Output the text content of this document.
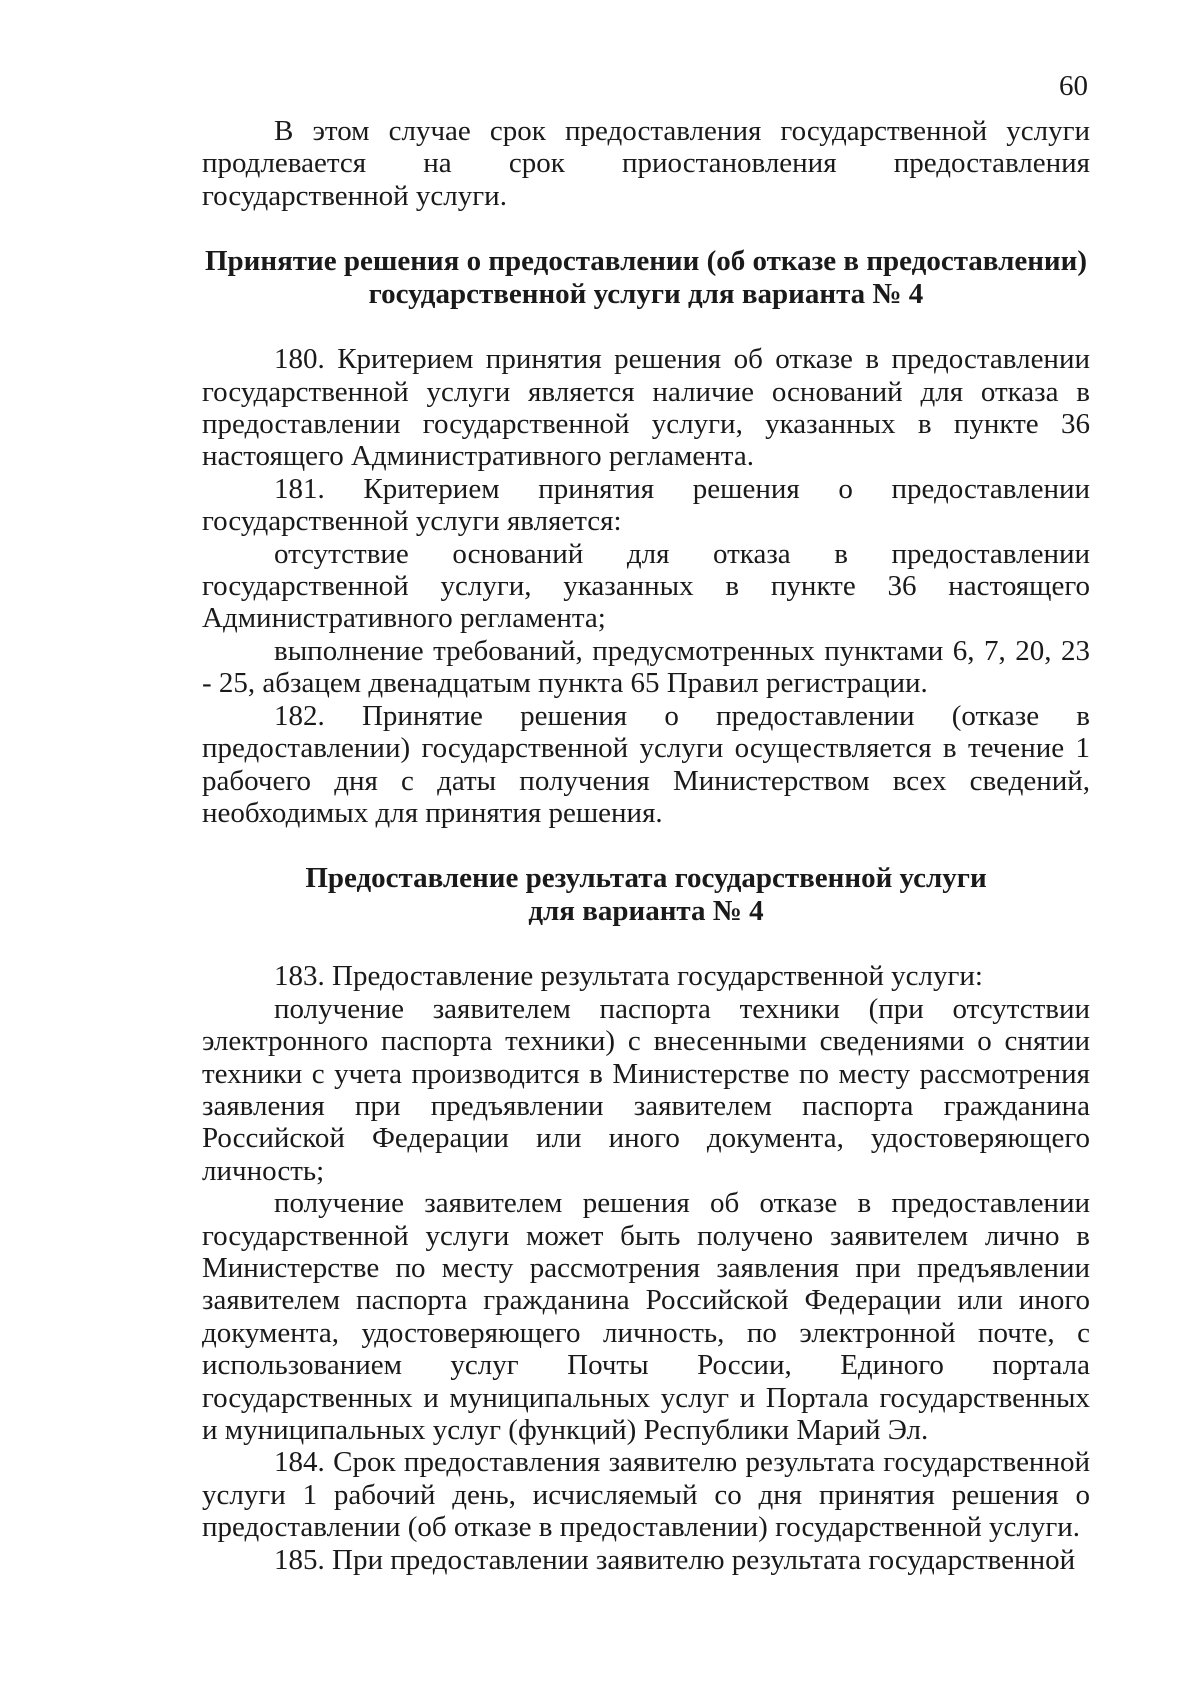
60

В этом случае срок предоставления государственной услуги продлевается на срок приостановления предоставления государственной услуги.

Принятие решения о предоставлении (об отказе в предоставлении)
государственной услуги для варианта № 4

180. Критерием принятия решения об отказе в предоставлении государственной услуги является наличие оснований для отказа в предоставлении государственной услуги, указанных в пункте 36 настоящего Административного регламента.

181. Критерием принятия решения о предоставлении государственной услуги является:

отсутствие оснований для отказа в предоставлении государственной услуги, указанных в пункте 36 настоящего Административного регламента;

выполнение требований, предусмотренных пунктами 6, 7, 20, 23 - 25, абзацем двенадцатым пункта 65 Правил регистрации.

182. Принятие решения о предоставлении (отказе в предоставлении) государственной услуги осуществляется в течение 1 рабочего дня с даты получения Министерством всех сведений, необходимых для принятия решения.

Предоставление результата государственной услуги
для варианта № 4

183. Предоставление результата государственной услуги:

получение заявителем паспорта техники (при отсутствии электронного паспорта техники) с внесенными сведениями о снятии техники с учета производится в Министерстве по месту рассмотрения заявления при предъявлении заявителем паспорта гражданина Российской Федерации или иного документа, удостоверяющего личность;

получение заявителем решения об отказе в предоставлении государственной услуги может быть получено заявителем лично в Министерстве по месту рассмотрения заявления при предъявлении заявителем паспорта гражданина Российской Федерации или иного документа, удостоверяющего личность, по электронной почте, с использованием услуг Почты России, Единого портала государственных и муниципальных услуг и Портала государственных и муниципальных услуг (функций) Республики Марий Эл.

184. Срок предоставления заявителю результата государственной услуги 1 рабочий день, исчисляемый со дня принятия решения о предоставлении (об отказе в предоставлении) государственной услуги.

185. При предоставлении заявителю результата государственной
